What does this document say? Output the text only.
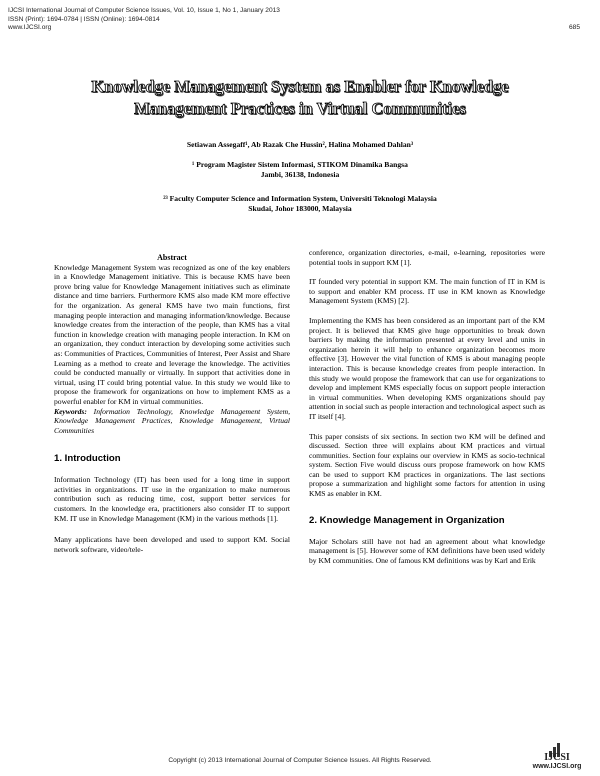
IJCSI International Journal of Computer Science Issues, Vol. 10, Issue 1, No 1, January 2013
ISSN (Print): 1694-0784 | ISSN (Online): 1694-0814
www.IJCSI.org	685
Knowledge Management System as Enabler for Knowledge
Management Practices in Virtual Communities
Setiawan Assegaff¹, Ab Razak Che Hussin², Halina Mohamed Dahlan³
¹ Program Magister Sistem Informasi, STIKOM Dinamika Bangsa
Jambi, 36138, Indonesia
²³ Faculty Computer Science and Information System, Universiti Teknologi Malaysia
Skudai, Johor 183000, Malaysia

Abstract

Knowledge Management System was recognized as one of the key enablers in a Knowledge Management initiative. This is because KMS have been prove bring value for Knowledge Management initiatives such as eliminate distance and time barriers. Furthermore KMS also made KM more effective for the organization. As general KMS have two main functions, first managing people interaction and managing information/knowledge. Because knowledge creates from the interaction of the people, than KMS has a vital function in knowledge creation with managing people interaction. In KM on an organization, they conduct interaction by developing some activities such as: Communities of Practices, Communities of Interest, Peer Assist and Share Learning as a method to create and leverage the knowledge. The activities could be conducted manually or virtually. In support that activities done in virtual, using IT could bring potential value. In this study we would like to propose the framework for organizations on how to implement KMS as a powerful enabler for KM in virtual communities.

Keywords: Information Technology, Knowledge Management System, Knowledge Management Practices, Knowledge Management, Virtual Communities

1. Introduction

Information Technology (IT) has been used for a long time in support activities in organizations. IT use in the organization to make numerous contribution such as reducing time, cost, support better services for customers. In the knowledge era, practitioners also consider IT to support KM. IT use in Knowledge Management (KM) in the various methods [1].

Many applications have been developed and used to support KM. Social network software, video/tele-

conference, organization directories, e-mail, e-learning, repositories were potential tools in support KM [1].

IT founded very potential in support KM. The main function of IT in KM is to support and enabler KM process. IT use in KM known as Knowledge Management System (KMS) [2].

Implementing the KMS has been considered as an important part of the KM project. It is believed that KMS give huge opportunities to break down barriers by making the information presented at every level and units in organization herein it will help to enhance organization becomes more effective [3]. However the vital function of KMS is about managing people interaction. This is because knowledge creates from people interaction. In this study we would propose the framework that can use for organizations to develop and implement KMS especially focus on support people interaction in virtual communities. When developing KMS organizations should pay attention in social such as people interaction and technological aspect such as IT itself [4].

This paper consists of six sections. In section two KM will be defined and discussed. Section three will explains about KM practices and virtual communities. Section four explains our overview in KMS as socio-technical system. Section Five would discuss ours propose framework on how KMS can be used to support KM practices in organizations. The last sections propose a summarization and highlight some factors for attention in using KMS as enabler in KM.

2. Knowledge Management in Organization

Major Scholars still have not had an agreement about what knowledge management is [5]. However some of KM definitions have been used widely by KM communities. One of famous KM definitions was by Karl and Erik

Copyright (c) 2013 International Journal of Computer Science Issues. All Rights Reserved.	IJCSI
www.IJCSI.org
